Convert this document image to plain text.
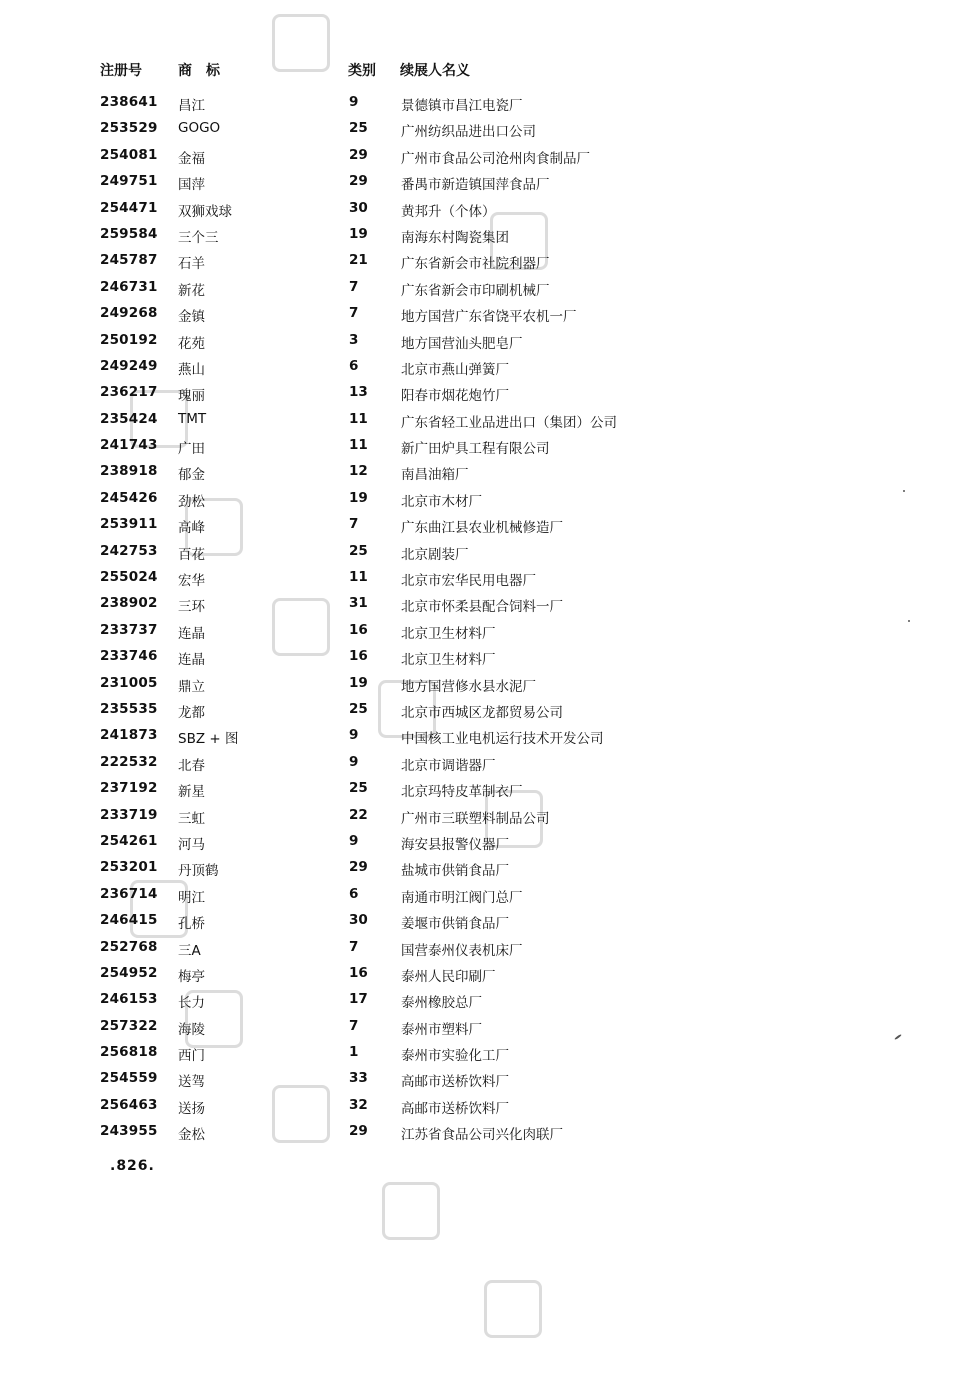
注册号	商标	类别 续展人名义
238641 昌江	9	景德镇市昌江电瓷厂
253529 GOGO	25 广州纺织品进出口公司
254081 金福	29 广州市食品公司沧州肉食制品厂
249751 国萍	29 番禺市新造镇国萍食品厂
254471 双狮戏球	30 黄邦升（个体）
259584 三个三	19 南海东村陶瓷集团
245787 石羊	21 广东省新会市社院利器厂
246731 新花	7	广东省新会市印刷机械厂
249268 金镇	7	地方国营广东省饶平农机一厂
250192 花苑	3	地方国营汕头肥皂厂
249249 燕山	6	北京市燕山弹簧厂
236217 瑰丽	13 阳春市烟花炮竹厂
235424 TMT	11 广东省轻工业品进出口（集团）公司
241743 广田	11 新广田炉具工程有限公司
238918 郁金	12 南昌油箱厂
245426 劲松	19 北京市木材厂
253911 高峰	7	广东曲江县农业机械修造厂
242753 百花	25 北京剧装厂
255024 宏华	11 北京市宏华民用电器厂
238902 三环	31 北京市怀柔县配合饲料一厂
233737 连晶	16 北京卫生材料厂
233746 连晶	16 北京卫生材料厂
231005 鼎立	19 地方国营修水县水泥厂
235535 龙都	25 北京市西城区龙都贸易公司
241873 SBZ + 图	9	中国核工业电机运行技术开发公司
222532 北春	9	北京市调谐器厂
237192 新星	25 北京玛特皮革制衣厂
233719 三虹	22 广州市三联塑料制品公司
254261 河马	9	海安县报警仪器厂
253201 丹顶鹤	29 盐城市供销食品厂
236714 明江	6	南通市明江阀门总厂
246415 孔桥	30 姜堰市供销食品厂
252768 三A	7	国营泰州仪表机床厂
254952 梅亭	16 泰州人民印刷厂
246153 长力	17 泰州橡胶总厂
257322 海陵	7	泰州市塑料厂
256818 西门	1	泰州市实验化工厂
254559 送驾	33 高邮市送桥饮料厂
256463 送扬	32 高邮市送桥饮料厂
243955 金松	29 江苏省食品公司兴化肉联厂
.826.
